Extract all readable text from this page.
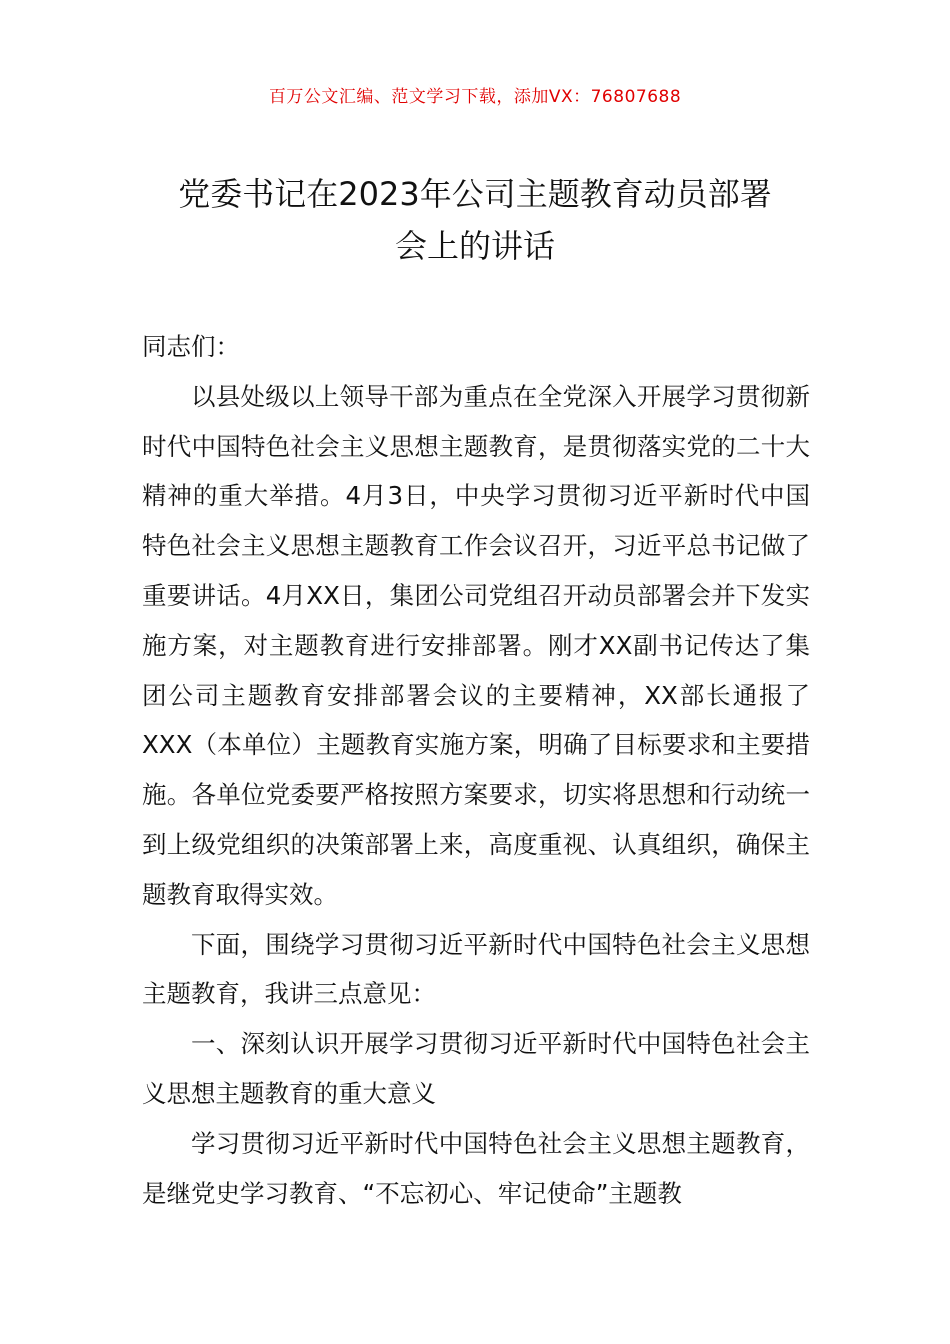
百万公文汇编、范文学习下载，添加VX：76807688
党委书记在2023年公司主题教育动员部署
会上的讲话

同志们：

以县处级以上领导干部为重点在全党深入开展学习贯彻新时代中国特色社会主义思想主题教育，是贯彻落实党的二十大精神的重大举措。4月3日，中央学习贯彻习近平新时代中国特色社会主义思想主题教育工作会议召开，习近平总书记做了重要讲话。4月XX日，集团公司党组召开动员部署会并下发实施方案，对主题教育进行安排部署。刚才XX副书记传达了集团公司主题教育安排部署会议的主要精神，XX部长通报了XXX（本单位）主题教育实施方案，明确了目标要求和主要措施。各单位党委要严格按照方案要求，切实将思想和行动统一到上级党组织的决策部署上来，高度重视、认真组织，确保主题教育取得实效。

下面，围绕学习贯彻习近平新时代中国特色社会主义思想主题教育，我讲三点意见：

一、深刻认识开展学习贯彻习近平新时代中国特色社会主义思想主题教育的重大意义

学习贯彻习近平新时代中国特色社会主义思想主题教育，是继党史学习教育、“不忘初心、牢记使命”主题教
